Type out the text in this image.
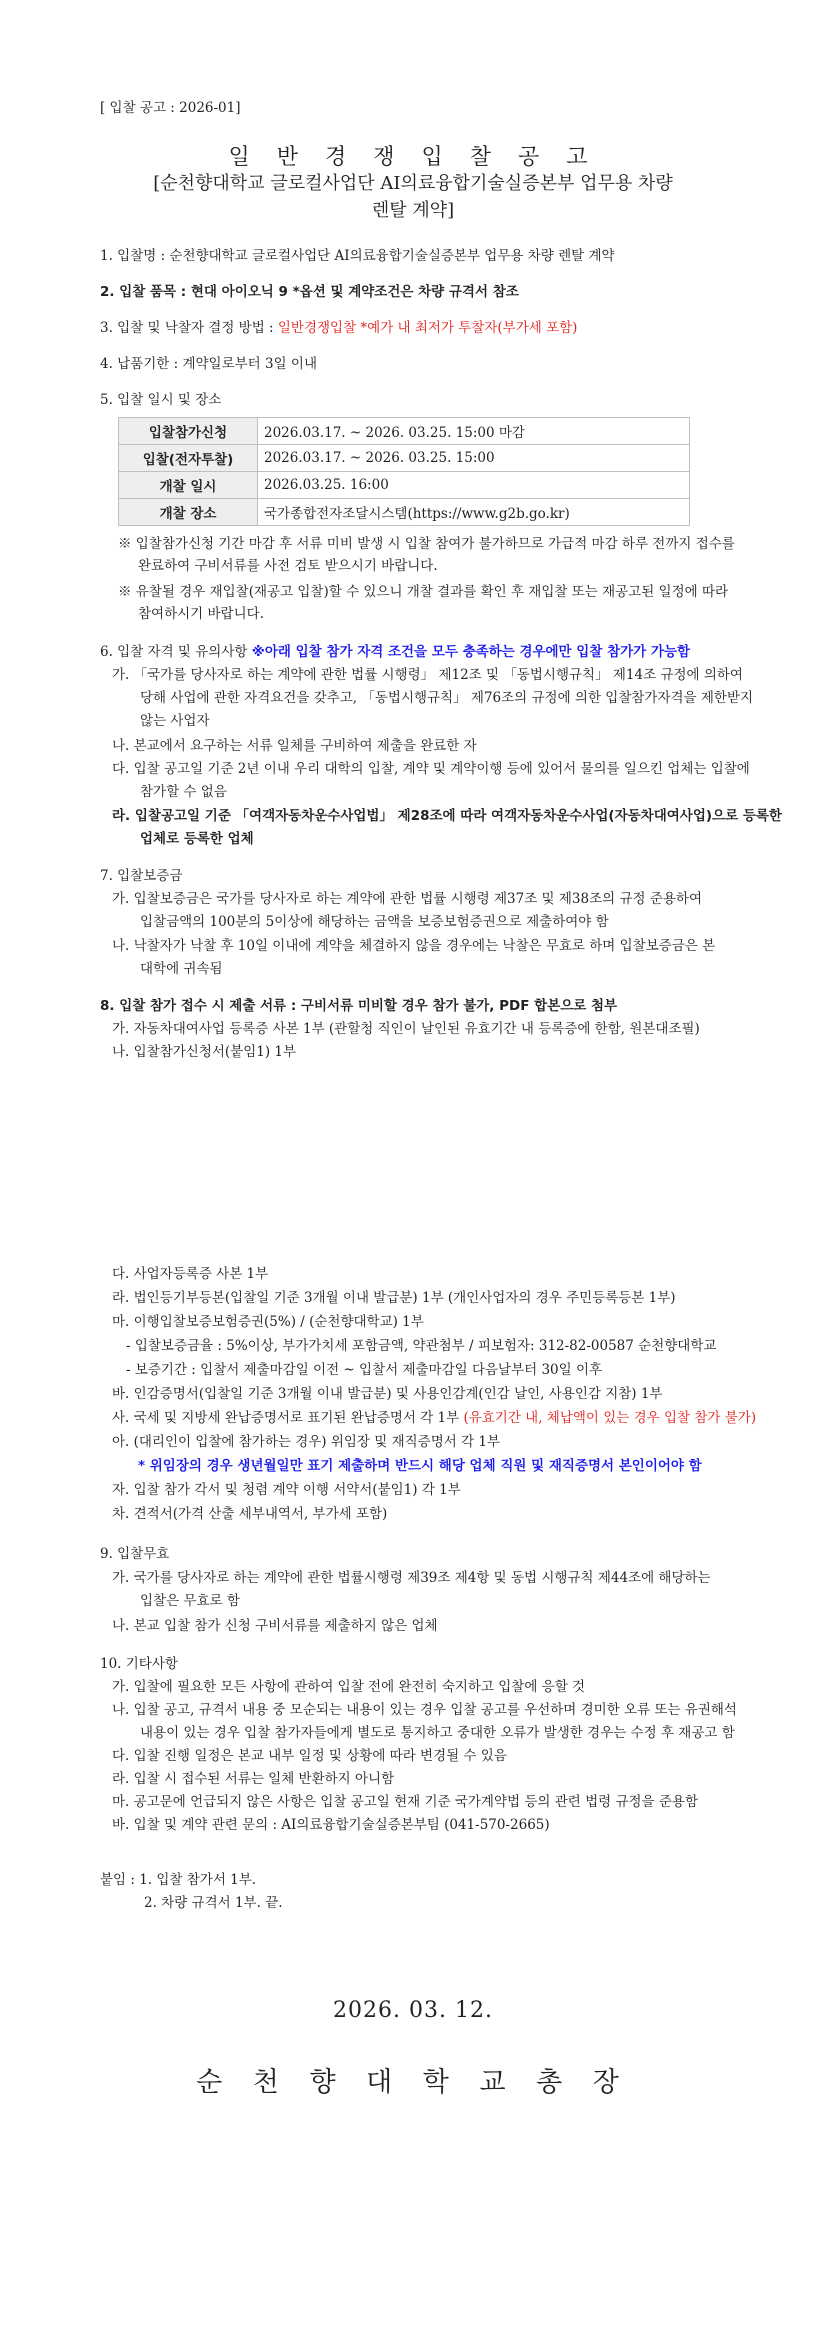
[ 입찰 공고 : 2026-01]
일 반 경 쟁 입 찰 공 고
[순천향대학교 글로컬사업단 AI의료융합기술실증본부 업무용 차량
렌탈 계약]
1. 입찰명 : 순천향대학교 글로컬사업단 AI의료융합기술실증본부 업무용 차량 렌탈 계약
2. 입찰 품목 : 현대 아이오닉 9 *옵션 및 계약조건은 차량 규격서 참조
3. 입찰 및 낙찰자 결정 방법 : 일반경쟁입찰 *예가 내 최저가 투찰자(부가세 포함)
4. 납품기한 : 계약일로부터 3일 이내
5. 입찰 일시 및 장소
입찰참가신청	2026.03.17. ~ 2026. 03.25. 15:00 마감
입찰(전자투찰)	2026.03.17. ~ 2026. 03.25. 15:00
개찰 일시	2026.03.25. 16:00
개찰 장소	국가종합전자조달시스템(https://www.g2b.go.kr)
※ 입찰참가신청 기간 마감 후 서류 미비 발생 시 입찰 참여가 불가하므로 가급적 마감 하루 전까지 접수를
완료하여 구비서류를 사전 검토 받으시기 바랍니다.
※ 유찰될 경우 재입찰(재공고 입찰)할 수 있으니 개찰 결과를 확인 후 재입찰 또는 재공고된 일정에 따라
참여하시기 바랍니다.
6. 입찰 자격 및 유의사항 ※아래 입찰 참가 자격 조건을 모두 충족하는 경우에만 입찰 참가가 가능함
가. 「국가를 당사자로 하는 계약에 관한 법률 시행령」 제12조 및 「동법시행규칙」 제14조 규정에 의하여
당해 사업에 관한 자격요건을 갖추고, 「동법시행규칙」 제76조의 규정에 의한 입찰참가자격을 제한받지
않는 사업자
나. 본교에서 요구하는 서류 일체를 구비하여 제출을 완료한 자
다. 입찰 공고일 기준 2년 이내 우리 대학의 입찰, 계약 및 계약이행 등에 있어서 물의를 일으킨 업체는 입찰에
참가할 수 없음
라. 입찰공고일 기준 「여객자동차운수사업법」 제28조에 따라 여객자동차운수사업(자동차대여사업)으로 등록한
업체로 등록한 업체
7. 입찰보증금
가. 입찰보증금은 국가를 당사자로 하는 계약에 관한 법률 시행령 제37조 및 제38조의 규정 준용하여
입찰금액의 100분의 5이상에 해당하는 금액을 보증보험증권으로 제출하여야 함
나. 낙찰자가 낙찰 후 10일 이내에 계약을 체결하지 않을 경우에는 낙찰은 무효로 하며 입찰보증금은 본
대학에 귀속됨
8. 입찰 참가 접수 시 제출 서류 : 구비서류 미비할 경우 참가 불가, PDF 합본으로 첨부
가. 자동차대여사업 등록증 사본 1부 (관할청 직인이 날인된 유효기간 내 등록증에 한함, 원본대조필)
나. 입찰참가신청서(붙임1) 1부
다. 사업자등록증 사본 1부
라. 법인등기부등본(입찰일 기준 3개월 이내 발급분) 1부 (개인사업자의 경우 주민등록등본 1부)
마. 이행입찰보증보험증권(5%) / (순천향대학교) 1부
- 입찰보증금율 : 5%이상, 부가가치세 포함금액, 약관첨부 / 피보험자: 312-82-00587 순천향대학교
- 보증기간 : 입찰서 제출마감일 이전 ~ 입찰서 제출마감일 다음날부터 30일 이후
바. 인감증명서(입찰일 기준 3개월 이내 발급분) 및 사용인감계(인감 날인, 사용인감 지참) 1부
사. 국세 및 지방세 완납증명서로 표기된 완납증명서 각 1부 (유효기간 내, 체납액이 있는 경우 입찰 참가 불가)
아. (대리인이 입찰에 참가하는 경우) 위임장 및 재직증명서 각 1부
* 위임장의 경우 생년월일만 표기 제출하며 반드시 해당 업체 직원 및 재직증명서 본인이어야 함
자. 입찰 참가 각서 및 청렴 계약 이행 서약서(붙임1) 각 1부
차. 견적서(가격 산출 세부내역서, 부가세 포함)
9. 입찰무효
가. 국가를 당사자로 하는 계약에 관한 법률시행령 제39조 제4항 및 동법 시행규칙 제44조에 해당하는
입찰은 무효로 함
나. 본교 입찰 참가 신청 구비서류를 제출하지 않은 업체
10. 기타사항
가. 입찰에 필요한 모든 사항에 관하여 입찰 전에 완전히 숙지하고 입찰에 응할 것
나. 입찰 공고, 규격서 내용 중 모순되는 내용이 있는 경우 입찰 공고를 우선하며 경미한 오류 또는 유권해석
내용이 있는 경우 입찰 참가자들에게 별도로 통지하고 중대한 오류가 발생한 경우는 수정 후 재공고 함
다. 입찰 진행 일정은 본교 내부 일정 및 상황에 따라 변경될 수 있음
라. 입찰 시 접수된 서류는 일체 반환하지 아니함
마. 공고문에 언급되지 않은 사항은 입찰 공고일 현재 기준 국가계약법 등의 관련 법령 규정을 준용함
바. 입찰 및 계약 관련 문의 : AI의료융합기술실증본부팀 (041-570-2665)
붙임 : 1. 입찰 참가서 1부.
2. 차량 규격서 1부. 끝.
2026. 03. 12.
순 천 향 대 학 교 총 장
